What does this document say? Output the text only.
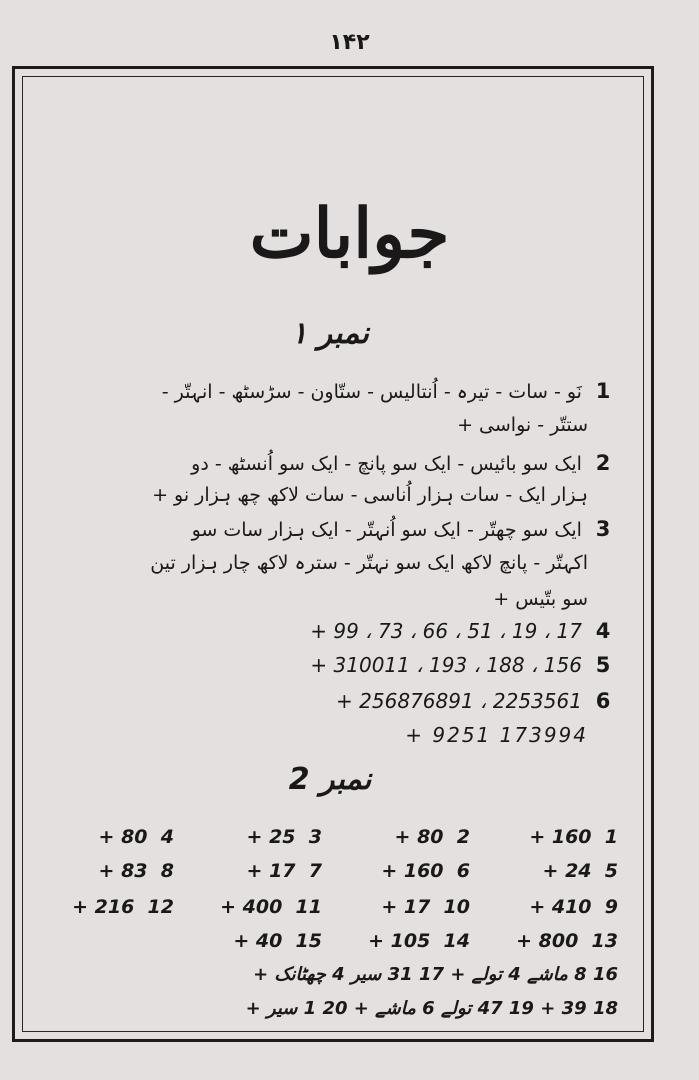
۱۴۲
جوابات
نمبر ۱
1 نَو - سات - تیرہ - اُنتالیس - ستّاون - سڑسٹھ - انہتّر -
ستتّر - نواسی +
2 ایک سو بائیس - ایک سو پانچ - ایک سو اُنسٹھ - دو
ہزار ایک - سات ہزار اُناسی - سات لاکھ چھ ہزار نو +
3 ایک سو چھتّر - ایک سو اُنہتّر - ایک ہزار سات سو
اکہتّر - پانچ لاکھ ایک سو نہتّر - سترہ لاکھ چار ہزار تین
سو بتّیس +
4 17 ، 19 ، 51 ، 66 ، 73 ، 99 +
5 156 ، 188 ، 193 ، 310011 +
6 2253561 ، 256876891 +
173994 9251 +
نمبر 2
1  160 +
2  80 +
3  25 +
4  80 +
5  24 +
6  160 +
7  17 +
8  83 +
9  410 +
10  17 +
11  400 +
12  216 +
13  800 +
14  105 +
15  40 +
16 8 ماشے 4 تولے + 17 31 سیر 4 چھٹانک +
18 39 + 19 47 تولے 6 ماشے + 20 1 سیر +
